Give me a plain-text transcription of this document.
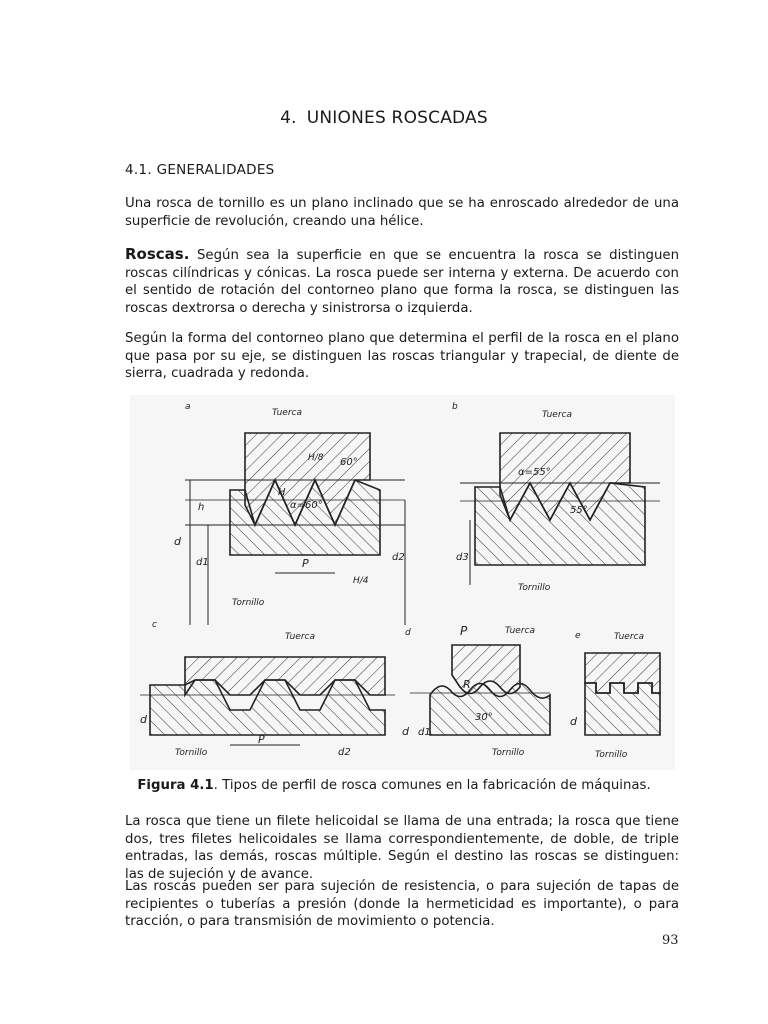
4. UNIONES ROSCADAS
4.1. GENERALIDADES

Una rosca de tornillo es un plano inclinado que se ha enroscado alrededor de una superficie de revolución, creando una hélice.

Roscas. Según sea la superficie en que se encuentra la rosca se distinguen roscas cilíndricas y cónicas. La rosca puede ser interna y externa. De acuerdo con el sentido de rotación del contorneo plano que forma la rosca, se distinguen las roscas dextrorsa o derecha y sinistrorsa o izquierda.

Según la forma del contorneo plano que determina el perfil de la rosca en el plano que pasa por su eje, se distinguen las roscas triangular y trapecial, de diente de sierra, cuadrada y redonda.

a
Tuerca
Tornillo
α=60°
60°
H
H/8
H/4
h
P
d
d1	d2
b
Tuerca
Tornillo
α=55°
55°
d3
c
Tuerca
Tornillo
P
d
d2
d	Tuerca
Tornillo
P
R
30°
d d1
e	Tuerca
Tornillo
d
Figura 4.1. Tipos de perfil de rosca comunes en la fabricación de máquinas.

La rosca que tiene un filete helicoidal se llama de una entrada; la rosca que tiene dos, tres filetes helicoidales se llama correspondientemente, de doble, de triple entradas, las demás, roscas múltiple. Según el destino las roscas se distinguen: las de sujeción y de avance.

Las roscas pueden ser para sujeción de resistencia, o para sujeción de tapas de recipientes o tuberías a presión (donde la hermeticidad es importante), o para tracción, o para transmisión de movimiento o potencia.

93
